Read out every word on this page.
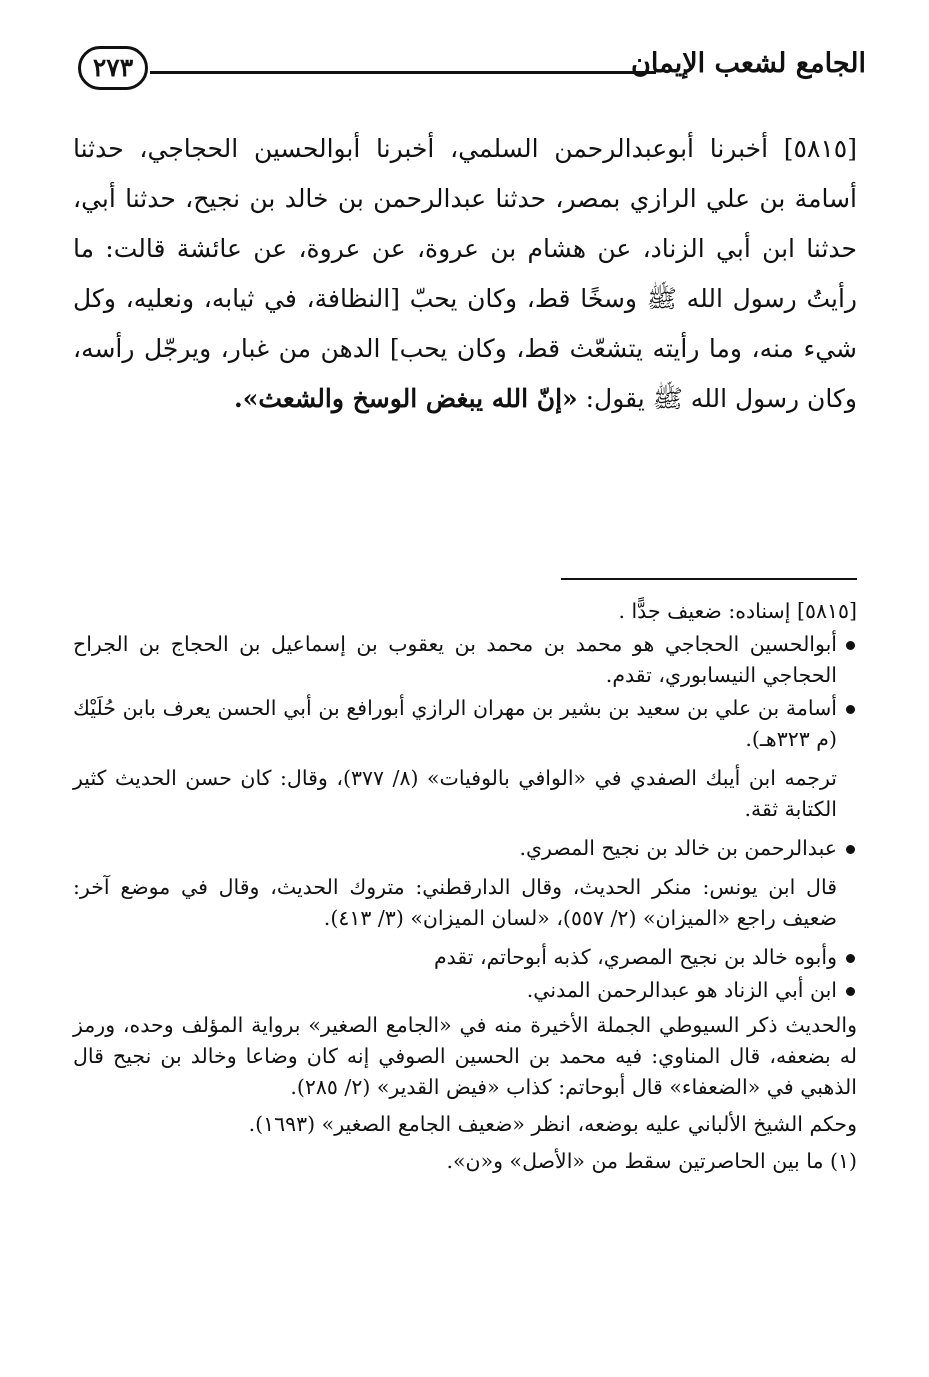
الجامع لشعب الإيمان
٢٧٣

[٥٨١٥] أخبرنا أبوعبدالرحمن السلمي، أخبرنا أبوالحسين الحجاجي، حدثنا أسامة بن علي الرازي بمصر، حدثنا عبدالرحمن بن خالد بن نجيح، حدثنا أبي، حدثنا ابن أبي الزناد، عن هشام بن عروة، عن عروة، عن عائشة قالت: ما رأيتُ رسول الله ﷺ وسخًا قط، وكان يحبّ [النظافة، في ثيابه، ونعليه، وكل شيء منه، وما رأيته يتشعّث قط، وكان يحب] الدهن من غبار، ويرجّل رأسه، وكان رسول الله ﷺ يقول: «إنّ الله يبغض الوسخ والشعث».

[٥٨١٥] إسناده: ضعيف جدًّا .

أبوالحسين الحجاجي هو محمد بن محمد بن يعقوب بن إسماعيل بن الحجاج بن الجراح الحجاجي النيسابوري، تقدم.
أسامة بن علي بن سعيد بن بشير بن مهران الرازي أبورافع بن أبي الحسن يعرف بابن حُلَيْك (م ٣٢٣هـ).

ترجمه ابن أيبك الصفدي في «الوافي بالوفيات» (٨/ ٣٧٧)، وقال: كان حسن الحديث كثير الكتابة ثقة.

عبدالرحمن بن خالد بن نجيح المصري.

قال ابن يونس: منكر الحديث، وقال الدارقطني: متروك الحديث، وقال في موضع آخر: ضعيف راجع «الميزان» (٢/ ٥٥٧)، «لسان الميزان» (٣/ ٤١٣).

وأبوه خالد بن نجيح المصري، كذبه أبوحاتم، تقدم
ابن أبي الزناد هو عبدالرحمن المدني.

والحديث ذكر السيوطي الجملة الأخيرة منه في «الجامع الصغير» برواية المؤلف وحده، ورمز له بضعفه، قال المناوي: فيه محمد بن الحسين الصوفي إنه كان وضاعا وخالد بن نجيح قال الذهبي في «الضعفاء» قال أبوحاتم: كذاب «فيض القدير» (٢/ ٢٨٥).

وحكم الشيخ الألباني عليه بوضعه، انظر «ضعيف الجامع الصغير» (١٦٩٣).

(١) ما بين الحاصرتين سقط من «الأصل» و«ن».
